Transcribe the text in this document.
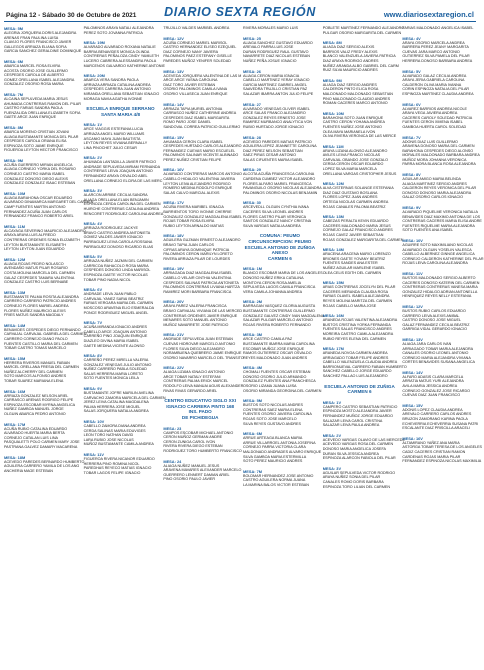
Página 12 - Sábado 30 de Octubre de 2021	DIARIO SEXTA REGIÓN	www.diariosextaregion.cl
MESA: 5M
ALEGRIA JORQUERA DORIS ALEJANDRA
ARENAS FRAN PAULINA LUISA
CLAVIJO FLORES FRANCISCO JAVIER
GALLEGOS ARRIAZA ELIANA SOFIA
GARCIA SANCHEZ GERALDINE DOMINIQUE
MESA: 6M
ABARCA MARCEL ROSA ELVIRA
ACOSTA OSORIO JOSE GUILLERMO
CESPEDES CAROLA DE ALBERTO
GOMEZ ORELLANA ISABEL ALEJANDRA
GONZALEZ OSORIO ROSA MARIA
MESA: 7M
ALCAINA SEPULVEDA MARIA JESUS
AHUMADA CONTRERAS RAMON DEL PILAR
CASTRO FARIAS SANDRA PAOLA
FUENZALIDA ORELLANA ELIZABETH SOFIA
GAETE ARCE JUAN ENRIQUE
MESA: 8M
ABARCA MORENO CRISTIAN JOVANI
ALIAGA BUSTAMANTE MONICA DEL PILAR
CESPEDES CAROLA ORIANA ELISA
ESPINOZA SOTO JAIME ENRIQUE
FIGUEROA LEYTON HECTOR FRANCISCO
MESA: 9M
ACUÑA GUERRERO MIRIAN ANGELICA
ALIAGA CORNEJO YORKA DEL ROSARIO
CORNEJO CASTRO MARIA ISABEL
GONZALEZ DONOSO DIEGO ALEXIS
GONZALEZ GONZALEZ ISAAC ESTEBAN
MESA: 10M
ALIAGA BARAHONA OSCAR EDUARDO
ALVARADO DINAMARCA MARGARET DEL CARMEN
CAMP FUENTES MARTIN ANTONIO
FERNANDEZ ACUÑA JUAN CARLOS
FERNANDEZ FRANCO ROBERTO ARIEL
MESA: 11M
ALCAYAGA SEVERINO MAURICIO ALEJANDRO
ARAYA ARAYA LUIS ALFREDO
CONTRERAS ORDENES SONIA ELIZABETH
LEYTON BUSTAMANTE ELISABETH
LEYTON LEYTON JUAN EDUARDO
MESA: 12M
ALIAGA ROJAS PEDRO NOLASCO
AVENDAÑO MATUS PILAR ROSARIO
COSTA MOLINA MARCELA DEL CARMEN
GALAZ CESPEDES TAMARA VALENTINA
GONZALEZ CASTRO LUIS BERNABE
MESA: 13M
BUSTAMANTE PALMA ROSITA ALEJANDRA
CARRERO CARRERO PATRICIO ANDRES
CORNEJO FLORES MARIEL ANDREA
FLORES NUÑEZ MAURICIO ALEXIS
FRIES MATUS SANDRA MAGDALY
MESA: 14M
BENAVIDES CESPEDES DIEGO FERNANDO
CARVAJAL CARVAJAL GABRIELA DEL CARMEN
CARRERO CORNEJO DIANO PAOLO
FUENTES CASTILLO MARIA DEL CARMEN
TOBAR CASTRO TOMAS MARCELO
MESA: 15M
HERRERA RIVEROS MANUEL FABIAN
MARCEL ORELLANA FRESIA DEL CARMEN
NUÑEZ ALCHERRY DEL CARMEN
SOTO MARCOS ALFONSO ANDRES
TOBAR SUAREZ MARIANA ELENA
MESA: 16M
ARRIAZA GONZALEZ NELSON ARIEL
CARRASCO ARENAS RODRIGO FELIPE
ESPINOZA ESCOBAR MYRNA ANGELICA
NUÑEZ GAMBOA MANUEL JORGE
OLGUIN ABARCA PEDRO ANTONIO
MESA: 17M
ACUÑA RUBIO CATALINA EDUARDO
ALVARADO HUERTA MARIA BERTA
CORNEJO CATALAN LUIS LINA
PASQUALETTI POLO CARMEN MARY JOSE
PASTRANA GALVEZ DAMARY MACARENA
MESA: 18M
ACEVEDO PAREDES BERNARDO HUMBERTO
AGUILERA CARRERO YAMILA DE LOS ANG
ANCHERIA MAGE ESTEBAN
PALOMINOS ARAYA NATALI ALEJANDRA
PEREZ SOTO JOVANNA PATRICIA
MESA: 19M
ALVARADO ALVARADO ROXANA NATALIE
BARRIA BENAVIDES MONICA OLINDA
CONTRERAS PEÑALOZA CINDY YAMILETH
LUCERO CABRERA ALESSANDRA PAOLA
MARCENOS GALVARDO KATHERINE ANTONIE
MESA: 20M
ABARCA VERA SANDRA PAOLA
ARRIAZA ARRIAZA CATALINA ANDREA
CESPEDES CARRERA JUAN ANTONIO
MIRANDA ORELLANA SEBASTIAN IGNACIO
MORAGA NAVIA AGATHA IVONNE
ESCUELA ENRIQUE SERRANO
SANTA MARIA 4/8
MESA: 1V
ARCE VIAGGIS ESTEFANIA LUCIA
ARRIAZA ANGEL MARIO WILLIAMS
ASCANIO MAYA JUAN BAUTISTA
LEYTON REYES VIVIANA BERNALLY
LINA PINOCHET JULIO CESAR
MESA: 2V
AHUMADA LANTADILLA JAVIER PATRICIO
ANDRADE SEPULVEDA MIRIAM FERNANDA
CONTRERAS LEIVA JOAQUIN ANTONIO
FERNANDEZ ARAYA OSVALDO ABEL
ORELLANA CORNEJO ELCIRA DE LAS MERC
MESA: 3V
ALARCON ARRIBE CECILIA SANDRA
ALIAGA ORELLANA ELIAN BENJAMIN
ESPINOZA CERDA CAROLINA DEL CARMEN
HUIRCHE CONTRERAS CATALINA ANDREA
RENCORET RODRIGUEZ CAROLINA ANDREA
MESA: 4V
ARRIAZA RODRIGUEZ JACKYE
BRAVO CASTRO ANDREA ANTONIETA
GOMEZ VALDES JAVIER IGNACIO
PARRAGUEZ LEIVA CAROLA ROSSANA
PARRAGUEZ DONOSO RICARDO ELIAS
MESA: 5V
ARRIAZA NUÑEZ JAZMIN DEL CARMEN
CARRICOA RAHACOLO ROSA MARIA
CESPEDES DONOSO LINDA MARISOL
ESPINOZA GAETE VICTOR NICOLAS
TOBAR PINO NADIA NICOL
MESA: 6V
ANDRADE LEIVA JUAN PABLO
CARVAJAL YANEZ SARAI BEATRIZ
FARIAS VERGARA MARIA DEL CARMEN
MOSCOSO ARAVENA ELIO ESMERALDA
PONCE RODRIGUEZ MIGUEL ANGEL
MESA: 7V
ACUÑA MIRANDA IGNACIO ANDRES
CABELLO ARCE JOAQUIN ANTONIO
CARREÑO PINO JOAQUIN ENRIQUE
DIAZLEO DIVINA MARIA ISABEL
GAETE MEDINA VICENTE ALONSO
MESA: 8V
CARREÑO PEREZ MIRELLA VALERIA
GONZALEZ VENEGAS JULIO ANTONIO
NUÑEZ CARREÑO PABLA SOLEDAD
SALAS HERRERA MARIA LORETO
SOTO FUENTES MONICA LEILA
MESA: 9V
BUSTAMANTE JOFRE MARILIN AVELINA
CARVACHO ZAMORA MARICELA DEL CARMEN
JEREZ LEIVA CATALINA MAGDALENA
PALMA HERRERA JOSE MIGUEL
SALAS JORQUERA NATALIA ANDREA
MESA: 10V
CABELLO ZAMORA DIANA ANDREA
CERDA SALINAS MARIA EDUVIGES
LEON TORO NATHAN DAVID
LARA RUBIO JOSE NICOLAS
MUÑOZ BUSTAMANTE CAMILA ANDREA
MESA: 11V
FIGUEROA RIVERA NICANOR EDUARDO
HERRERA PINO ROMINA NICOL
PAREDHAS REYECO MATIAS IGNACIO
TOBAR LAGOS FELIPE IGNACIO
TRUJILLO VALDES MARIBEL ANDREA
MESA: 12V
ACUÑA CORNEJO MARIEL MARISOL
CASTRO HERNANDEZ ELISEO EZEQUIEL
DIAZ CORNEJO NANY JAVIERA
PALOMINOS PAEZ ESTEFANY GISELLE
PAREDES MUÑOZ YENIFER SOLEDAD
MESA: 13V
ACEVEDA JORQUERA VALENTINA DE LAS M
ARCE ARCE YASNA CAROLINA
DIAZ TORO JAVIER ESTEBAN
OSORIO PALOMINOS CAMILA IVANA
OSORIO VILLASECA JUAN ENRIQUE
MESA: 14V
ARRIAZA TAPIA MURIEL ANTONIA
CARRASCO NUÑEZ CATHERINE ANDREA
CESPEDES DIAZ ISABEL MARGARITA
ROMO PARO JOSE DANIEL
SANDOVAL CORREA PATRICIO GUILLERMO
MESA: 15V
AHUMADA CERON CLARA ISABEL
CESPEDES HURTADO CARLOS ALEJANDRO
FERNANDEZ CUEVAS MARIO ESCUELEL
PALOMINOS SALINAR VICENTE ALBINADO
PEREZ NUÑEZ CRISTIAN FELIPE
MESA: 16V
ALVARADO CONTRERAS MARCOS ANTONIO
CABELLO HIDALGO VALENTINA JAVIERA
LEYTON LEIVA ALEJANDRO RODRIGO
ROMERO MEDINA RODOLFO ENRIQUE
SALAS CALVO MARCIAL ALEXIS
MESA: 17V
ACUÑA RIVERA MARIBEL IGNACIA
BARRIENTOS TORO IVONNE CHERRIE
GONZALEZ GONZALEZ MAGDALENA ISABEL
ROJAS TOBAR ROSA ELVIRA
RUBIO LEYTON ARNALDO MATIAS
MESA: 18V
AGUILERA GUZMAN ERNESTO ALEJANDRO
BRAVO TAPIA JUAN CARLOS
CIFRAS ARAYA DOMINIQUE PATRICIA
PALOMINOS CERON MARILYN LORETO
RIVERA ARRIAZA PILAR DE LOURDES
MESA: 19V
ARRIAGADA DIAZ MAGDALENA ISABEL
CABELLO VELAIR CINTHIA VALENTINA
CESPEDES SALINAS PATRICIA ANTONIETA
PALOMINOS CONTRERAS LIVIANA HARTZA
RAMIREZ MORI BARBARA FRANCISCA
MESA: 20V
ARAYA PAREZ VALERIA FRANCISCA
BRAVO CARVAJAL VIVIANA DE LAS MERCED
CONTRERAS ORDENES JAVIER ENRIQUE
MENARES SOTO MANUEL ANTONIO
MUÑOZ NAVARRETE JOSE PATRICIO
MESA: 21V
ANDRADE SEPULVEDA JUAN ESTEBAN
CUEVAS HIDROVAR MARCELO ANTONIO
FLORES SILVA DIEGO ALEJANDRO
NORAMBUENA QUEBRERO JAIME ENRIQUE
OSORIO NAVARRO MARCELO DEL TRANSITO
MESA: 22V
ALIAGA LIZAMA IGNACIO ANTONIO
ARCE TOBAR NATALY ESTEFANI
CONTRERAS PALMA ERICK MARCEL
RODOLFO LEIVA MANUAI AGUIS ALEXANDER
RIVAS RIVAS GERARDO ARIEL
CENTRO EDUCATIVO SIGLO XXI
IGNACIO CARRERA PINTO 168 INS. PADO
DE PICHIDEGUA
MESA: 23
CAMPOS ESCOBAR MICHAEL ANTONIO
CERON MUÑOZ GERMAN ANDRE
CERON ZUNIGA CAROL IVON
RIVERA RIVERA DIEGO ESTEBAN
RODRIGUEZ TORO HUMBERTO FRANCISCO
MESA: 24
ALIAGA NUÑEZ MANUEL JESUS
ARAVENA MAVARES ALEXANDER MARCELO
GUERRERO LENNERT DAMIAN ARIEL
PINO OSORIO PAULO JAVIER
RIVERA MORALES MARIO LUIS
MESA: 25
ALIAGA SANCHEZ GUSTAVO EDUARDO
AREVALO PARRA LUIS JOSE
DURAN RODRIGUEZ RAUL GUSTAVO
NAVARRETE DIAZ NICOLAS ESTEBAN
NUÑEZ PEÑA JOSUE IGNACIO
MESA: 26
ALIAGA CERON MARIA IGNACIA
CABELLO MARTINEZ YERAY IGNACIO
GARCIA MARTINEZ GABRIEL ANGEL
SAAVEDRA TRUJILLO CRISTIAN PAZ
SALAZAR IBARRA ANTON JULIO FELIPE
MESA: 27
ALVARADO VENEGAS OLIVER ISABEL
ARCE SALAS FRANCO ALEJANDRO
GONZALEZ REYES ERNESTO JOSE
RAMIREZ MURBANCO ANALYTICA VON
RUBIO HURTADO JORGE IGNACIO
MESA: 28
ACEVEDO PAREDES MATIAS PATRICIO
AGUILERA LEPEZ JEANNETTE CAROLINA
DIAZ PEREZ NELSON SEBASTIAN
SAEZ PIRAS CESAR ANTONIO
SALAS CIFUENTES MARIA ISABEL
MESA: 29
ALCOTA ACUÑA FRANCESCA CAROLINA
CARDENA CUMBEZ VICTOR ALEJANDRO
FLORES ALFARO MARIEL FRANCESCA
PAVANGUILO OSORIO NICOLAS ALEJANDRA
PALOMINOS OSORIO NICOLAS BENJAMIN
MESA: 30
ARCEVEDLL OLGUIN CYNTHIA IVANA
CACERES SILVA LEONEL ANDRES
FLORES CASTRO PILAR VERONICA
SANTOS GONZALEZ NANCY CRISTINA
SILVA VARGAS NATALIA ANDREA
COMUNA: PEUMO
CIRCUNSCRIPCION: PEUMO
ESCUELA ANTONIO DE ZUÑIGA ANEXO
CARMEN 6
MESA: 1M
BLANCO ESCOBAR MARIA DE LOS ANGELES
DONOSO NUÑEZ ERIKA CATALINA
MONTOYA CERON ROSA AMELIA
SEPULVEDA LAGOS CAMILA FRANCISCA
VERA CAMILA JOHANNA ANDREA
MESA: 2M
BARRAGAN VASQUEZ GLORIA AUGUSTA
BUSTAMANTE CONTRERAS GUILLERMO
GONZALEZ GALVEZ CINDY IVAN MAGDALENA
SALAZAR PULGAR MARCELO ANTONIO
ROJAS RIVERA ROBERTO FERNANDO
MESA: 3M
ARCE CASTRO CAMILA PAZ
BUSTAMANTE IBARRA MARIA CAROLINA
ESCOBAR MUÑOZ JOSE ENRIQUE
RAMOS GUTIERREZ OSCAR OSVALDO
REYES MALDONADO JUAN ANDRES
MESA: 4M
CHOMALI FUENTES OSCAR ESTEBAN
DONOSO OSORIO JULIO ARMANDO
GONZALEZ FUENTES ANA FRANCHESCA
OSORIO LIZAMA JUANA LUISA
OSORIO MIRANDA GEORGINA DEL CARMEN
MESA: 5M
BUSTOS SOTO NICOLAS ANDRES
CONTRERAS SAEZ MARIA ELENA
FUENTES OSORIO JAVIERA CAROLINA
ROJAS SOTO JOSE MARCELO
SILVA REYES GUSTAVO ANDRES
MESA: 6M
ARRUE ARTEAGA BLANCA MARIA
ARRUE VILLARROEL ANTONIA JOSEFINA
CORNEJO PARRA VICTORIA CLARA
MALDONADO ANDRADES ALVARO ENRIQUE
SILVA GAMBOA MARIA ESTERMILLA
SOTO PEREZ MAURICIO ANDRES
MESA: 7M
BOLDMAR HERNANDEZ JOSE ANTONIO
CASTRO AGUILERA NORMA JUANA
LA MARINA BALOS VICTOR ESTEBAN
POBLETE MARTINEZ FERNANDO ALEJANDRO
PULGAR OSORIO MARGARITA DEL CARMEN
MESA: 8M
ALIAGA DIAZ SERGIO ALEXIS
BARRIOS VALIZ FREDY ALEXIS
BLANCO VALENZUELA JAVIERA PATRICIA
DIAZ ARAYA RODRIGO ANDRES
NUÑEZ ARANDA ALBO GABRIEL DEL CARM
RUIZ SILVA MAURICIO ANDRES
MESA: 9M
ALIAGA DIAZ SERGIO ANDRES
CALDERON PINTO ELICA ROSA
MALDONADO MALDONADO SEBASTIAN
PINO MALDONADO CLAUDIO ANDRES
ROMAN CACERES MARCO ANTONIO
MESA: 10M
BARAHONA SOTO JUAN ENRIQUE
CASTRO CERON YOHANA ANDREA
FUENTES NUÑEZ JOSE ANTONIO
OLEA MAYA MARIANELA IVON
OLIVA RIVERA VERONICA DE LAS MERCE
MESA: 11M
ARAYA LIZANA ALONSO ALEJANDRO
AVILES LEIVA FRANCO NICOLAS
CARVAJAL OBANDO JOSE GONZALO
CERDA CERON OSCAR EDUARDO
LOPEZ SILVA MARIA MARCELA
ORELLANA VARGAS CRISTOPHER JESUS
MESA: 12M
ALVA CISTERNAS SOLANGE ESTEFANIA
DIAZ DIAZ GUSTAVO BOSLANA
FLORES LOPEZ JUAN ANDRES
ORTEGA NICOLAS CARMEN ANDREA
ROJAS CANALES PALOMA BEATRIZ
MESA: 13M
CABEZAS PERALTA KEVIN EDUARDO
CACERES MALDONADO MARIA JESUS
CORNEJO GALAZ FRANCISCO ANDRES
ROJAS CAVEZ JAVIER SEBASTIAN
ROJAS GONZALEZ MARGARITA DEL CARMEN
MESA: 14M
ARACENA ARACENA MARIO LORENZO
BRIONES GAETE YOVANY BEATRIZ
FUENTES SANDES ANA ESTER
NUÑEZ AGUILAR MARLENE ISABEL
OLEA CELIS EDITH DEL CARMEN
MESA: 15M
ARIAS CONTRERAS JOCELYN DEL PILAR
CACERES MERANDA CLAUDIA ROSA
FARIAS OLAVEL ISABELA ALEJANDRA
REYES MOLINA MARITZA DEL CARMEN
ROJAS CABELLO MARIA JOSE
MESA: 16M
ARANEDA ROJAS VALENTINA ALEJANDRA
BUSTOS CRISTINA YORKA FERNANDA
FUENTES SALAS FRANCISCO ANDRES
MOREIRA CASTRO CAMILA ALEJANDRA
RUBIO REYES ELENA DEL CARMEN
MESA: 17M
ARANEDA NOVOA CARMEN ANDREA
ARRIAGADO TOBAR FELIPE ANDRES
CABELLO VALENZUELA CLAUDIA ANDREA
BARRIONUEVAL CARRERO FABIAN HUMBERTO
SANCHEZ CABELLO JORGE EDUARDO
SANCHEZ PALLAO LUIS ALEJANDRO
ESCUELA ANTONIO DE ZUÑIGA
CARMEN 6
MESA: 1V
CAMPERO CASTRO SEBASTIAN PATRICIO
ESPINOZA MOSTO ALEJANDRA JAVIER
FERNANDEZ MUÑOZ JORGE EDUARDO
SALAZAR LEIVA CAROL CRISTINA
SALAZAR LEIVA PAULA ANDREA
MESA: 2V
ACEVEDO VARGAS OLAVIO DE LAS MERCEDE
ACEVEDO VARGAS ROSA DEL CARMEN
DONOSO MARIA ANGELICA JOSEFA
DURAN SILVA JESSICA ANDREA
ESPINOZA ALARCON FABIOLA DEL PILAR
MESA: 3V
AGUILAR SEPULVEDA VICTOR RODRIGO
ARAYA NUÑEZ SONIA DEL PILAR
CANALES ROMO DORIS BARBARA
ESPINOZA TORO LILIAN DEL CARMEN
FARIAS MALDONADO ANGELICA ISABEL
MESA: 4V
ARAYA OSORIO MARCELA ANDREA
BARRERA PEREZ JEANY MARGARITA
CUEVAS JARA MARCO ANTONIO
GUTIERREZ SILVA PAMELA DEL PILAR
HERRERA DONOSO BARBARA ANDREA
MESA: 5V
ALVARADO GALAZ CECILIA ANDREA
ARAYA JERIA GABRIELA CAROLINA
CALDERON OLIVA MARIA IVANNA
CORIN ESPINOZA NATALIA DEL PILAR
ESPINOZA MARTINEZ CLAUDIA ANDREA
MESA: 6V
ALVAREZ BARRIOS ANDREA NICOLE
ARAYA VEGA JAVIERA ANDREA
CACERES CAROLY SOLEDAD PATRICIA
FUENTES CERON XIMENA ISABEL
GAMBOA HUERTA CAROL SOLEDAD
MESA: 7V
ADONIS DIAZ LUIS GUILLERMO
ARAVENA DONOSO MARIA DEL CARMEN
BARAHONA CESPEDES DIEGO ALONSO
MORALES MALDONADO BARBARA ANDREA
MUÑOZ MORA JOHANNA VERONICA
PARRA MORA BLANCA ROSA ALEJANDRA
MESA: 8V
AGUILAR AMIGO MARIA BELINDA
ALIAGA MARTINEZ SERGIO ANDRES
CALDERON REYES VERONICA DEL PILAR
DONOSO DONOSO MARIA ALEJANDRA
GALAZ OSORIO CARLOS IGNACIO
MESA: 9V
ALVARADO PIQUELME VERONICA NATALIA
BENAVIDES DIAZ MAXIMO ANTONIA DE LOS
CONTRERAS CACERES MARIA ELISA ANDRE
FUENTES RIQUELME MARIA ALEJANDRA
SOTO FUENTES ANA ISABEL
MESA: 10V
AGUIRRE SOTO MAXIMILIANO NICOLAS
ALVARADO OLGUIN YOSELIN VALESCA
CABELLO ALBERNEZ GINNGE ANGELICA
CORNEJO CALDERON KATHERINE DEL PILAR
ROJAS LEIVA CAROLINA ALEJANDRA
MESA: 11V
BUSTOS MALDONADO SERGIO ALBERTO
CACERES DONOSO KATERIN DEL CARMEN
CONTRERAS CONTRERAS VANESA MARIA
GONZALEZ HIDALGO ADRIAN ANTONELLA
HENRIQUEZ REYES NELLY ESTEFANIA
MESA: 12V
BUSTOS RUBIO CARLOS EDUARDO
CARRERO LEIVA ALEXIS ANIBAL
CASTRO DONOSO JOSE MIGUEL
GALAZ FERNANDEZ CECILIA BEATRIZ
GARRIGA VIDAL GERARDO IGNACIO
MESA: 13V
ALIAGA JARA CARLOS IVAN
ARRIAGADO TOBAR MARIA ALEJANDRA
CANALES OSORIO LEONEL ANTONIO
CORNEJO MARIA ALEJANDRA VIVIANA
CORTES BENAVIDES SUSANA ANGELICA
MESA: 14V
ALFARO ADASIS CLARA MARCELA
ARRATIA MATUS YURI ALEJANDRA
AVILA MARIA JESSICA ANDREA
CORNEJO GONZALEZ JOSE RICARDO
CUEVAS DIAZ JUAN FRANCISCO
MESA: 15V
ADONIS LOPEZ CLAUDIA ANDREA
AREVALO CARRERO CARLOS ANDRES
BRUZON ZAMORANO KARINA PAOLA
ECHEVERRIA ECHEVERRIA SUSANA PATRI
ESCALANTE DIAZ PRISCILLA ARACELI
MESA: 16V
ALTAMIRANO YAÑEZ ANA MARIA
ASTORGA TOBAR TERESA DE LOS ANGELES
CADIZ CACERES CRISTIAN RAMON
CARDENAS ROJAS MARIA PILAR
FERNANDEZ ESPINOZA NICOLAS MAXIMILIA
